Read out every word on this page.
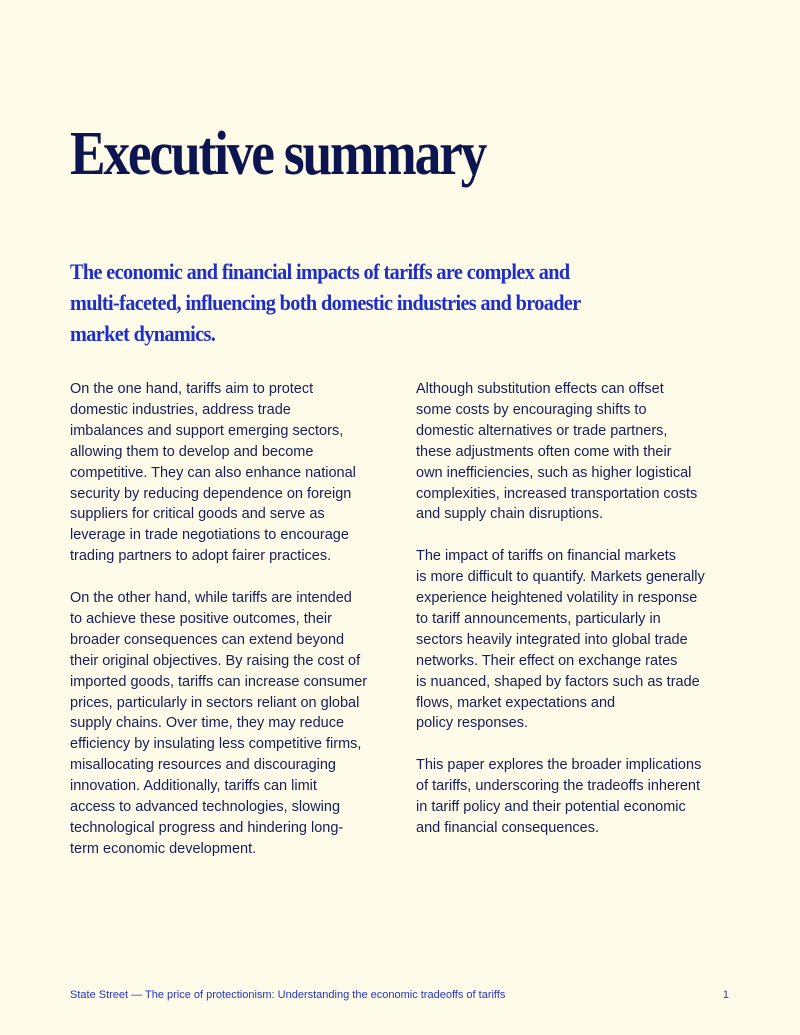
Executive summary
The economic and financial impacts of tariffs are complex and
multi-faceted, influencing both domestic industries and broader
market dynamics.

On the one hand, tariffs aim to protect
domestic industries, address trade
imbalances and support emerging sectors,
allowing them to develop and become
competitive. They can also enhance national
security by reducing dependence on foreign
suppliers for critical goods and serve as
leverage in trade negotiations to encourage
trading partners to adopt fairer practices.

On the other hand, while tariffs are intended
to achieve these positive outcomes, their
broader consequences can extend beyond
their original objectives. By raising the cost of
imported goods, tariffs can increase consumer
prices, particularly in sectors reliant on global
supply chains. Over time, they may reduce
efficiency by insulating less competitive firms,
misallocating resources and discouraging
innovation. Additionally, tariffs can limit
access to advanced technologies, slowing
technological progress and hindering long-
term economic development.

Although substitution effects can offset
some costs by encouraging shifts to
domestic alternatives or trade partners,
these adjustments often come with their
own inefficiencies, such as higher logistical
complexities, increased transportation costs
and supply chain disruptions.

The impact of tariffs on financial markets
is more difficult to quantify. Markets generally
experience heightened volatility in response
to tariff announcements, particularly in
sectors heavily integrated into global trade
networks. Their effect on exchange rates
is nuanced, shaped by factors such as trade
flows, market expectations and
policy responses.

This paper explores the broader implications
of tariffs, underscoring the tradeoffs inherent
in tariff policy and their potential economic
and financial consequences.

State Street — The price of protectionism: Understanding the economic tradeoffs of tariffs	1
